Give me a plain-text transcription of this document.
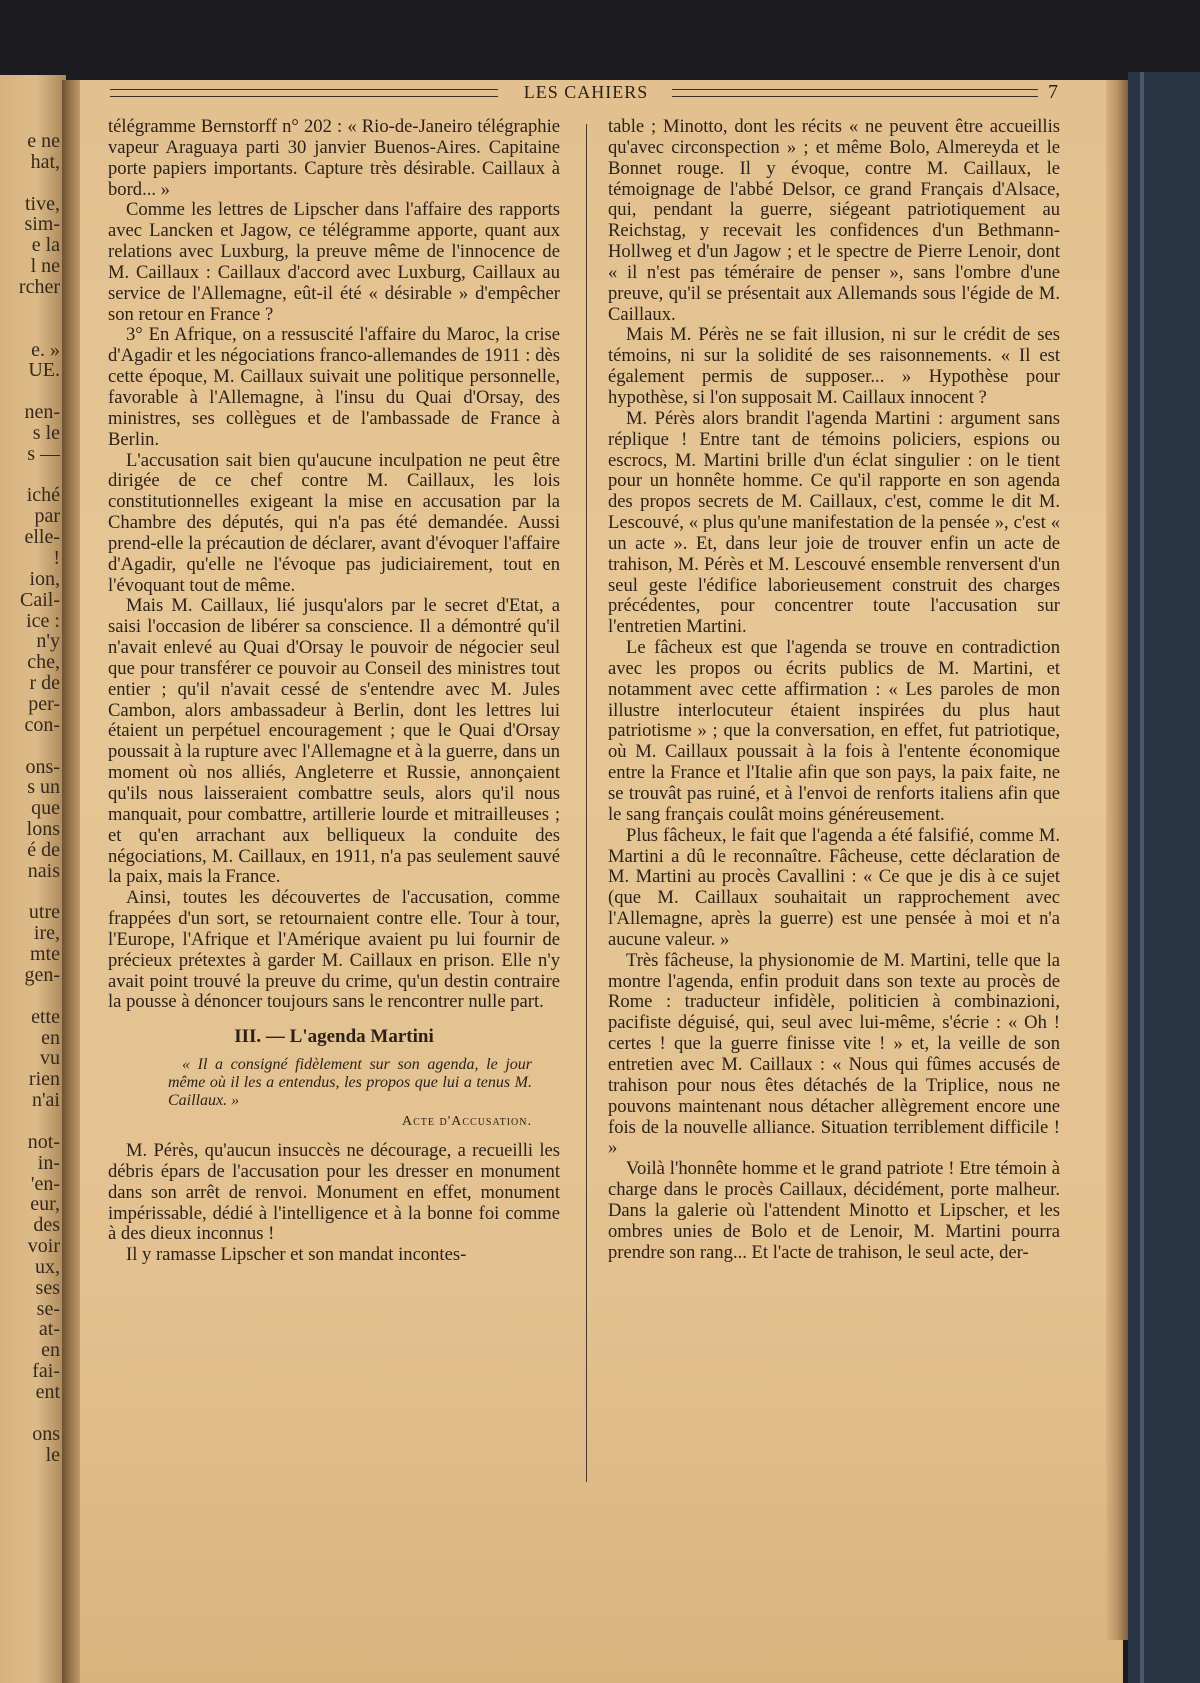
e ne
hat,
tive,
sim-
e la
l ne
rcher
e. »
UE.
nen-
s le
s —
iché
par
elle-
!
ion,
Cail-
ice :
n'y
che,
r de
per-
con-
ons-
s un
que
lons
é de
nais
utre
ire,
mte
gen-
ette
en
vu
rien
n'ai
not-
in-
'en-
eur,
des
voir
ux,
ses
se-
at-
en
fai-
ent
ons
le
LES CAHIERS	7

télégramme Bernstorff n° 202 : « Rio-de-Janeiro télégraphie vapeur Araguaya parti 30 janvier Buenos-Aires. Capitaine porte papiers importants. Capture très désirable. Caillaux à bord... »

Comme les lettres de Lipscher dans l'affaire des rapports avec Lancken et Jagow, ce télégramme apporte, quant aux relations avec Luxburg, la preuve même de l'innocence de M. Caillaux : Caillaux d'accord avec Luxburg, Caillaux au service de l'Allemagne, eût-il été « désirable » d'empêcher son retour en France ?

3° En Afrique, on a ressuscité l'affaire du Maroc, la crise d'Agadir et les négociations franco-allemandes de 1911 : dès cette époque, M. Caillaux suivait une politique personnelle, favorable à l'Allemagne, à l'insu du Quai d'Orsay, des ministres, ses collègues et de l'ambassade de France à Berlin.

L'accusation sait bien qu'aucune inculpation ne peut être dirigée de ce chef contre M. Caillaux, les lois constitutionnelles exigeant la mise en accusation par la Chambre des députés, qui n'a pas été demandée. Aussi prend-elle la précaution de déclarer, avant d'évoquer l'affaire d'Agadir, qu'elle ne l'évoque pas judiciairement, tout en l'évoquant tout de même.

Mais M. Caillaux, lié jusqu'alors par le secret d'Etat, a saisi l'occasion de libérer sa conscience. Il a démontré qu'il n'avait enlevé au Quai d'Orsay le pouvoir de négocier seul que pour transférer ce pouvoir au Conseil des ministres tout entier ; qu'il n'avait cessé de s'entendre avec M. Jules Cambon, alors ambassadeur à Berlin, dont les lettres lui étaient un perpétuel encouragement ; que le Quai d'Orsay poussait à la rupture avec l'Allemagne et à la guerre, dans un moment où nos alliés, Angleterre et Russie, annonçaient qu'ils nous laisseraient combattre seuls, alors qu'il nous manquait, pour combattre, artillerie lourde et mitrailleuses ; et qu'en arrachant aux belliqueux la conduite des négociations, M. Caillaux, en 1911, n'a pas seulement sauvé la paix, mais la France.

Ainsi, toutes les découvertes de l'accusation, comme frappées d'un sort, se retournaient contre elle. Tour à tour, l'Europe, l'Afrique et l'Amérique avaient pu lui fournir de précieux prétextes à garder M. Caillaux en prison. Elle n'y avait point trouvé la preuve du crime, qu'un destin contraire la pousse à dénoncer toujours sans le rencontrer nulle part.

III. — L'agenda Martini
« Il a consigné fidèlement sur son agenda, le jour même où il les a entendus, les propos que lui a tenus M. Caillaux. »
Acte d'Accusation.

M. Pérès, qu'aucun insuccès ne décourage, a recueilli les débris épars de l'accusation pour les dresser en monument dans son arrêt de renvoi. Monument en effet, monument impérissable, dédié à l'intelligence et à la bonne foi comme à des dieux inconnus !

Il y ramasse Lipscher et son mandat incontes-

table ; Minotto, dont les récits « ne peuvent être accueillis qu'avec circonspection » ; et même Bolo, Almereyda et le Bonnet rouge. Il y évoque, contre M. Caillaux, le témoignage de l'abbé Delsor, ce grand Français d'Alsace, qui, pendant la guerre, siégeant patriotiquement au Reichstag, y recevait les confidences d'un Bethmann-Hollweg et d'un Jagow ; et le spectre de Pierre Lenoir, dont « il n'est pas téméraire de penser », sans l'ombre d'une preuve, qu'il se présentait aux Allemands sous l'égide de M. Caillaux.

Mais M. Pérès ne se fait illusion, ni sur le crédit de ses témoins, ni sur la solidité de ses raisonnements. « Il est également permis de supposer... » Hypothèse pour hypothèse, si l'on supposait M. Caillaux innocent ?

M. Pérès alors brandit l'agenda Martini : argument sans réplique ! Entre tant de témoins policiers, espions ou escrocs, M. Martini brille d'un éclat singulier : on le tient pour un honnête homme. Ce qu'il rapporte en son agenda des propos secrets de M. Caillaux, c'est, comme le dit M. Lescouvé, « plus qu'une manifestation de la pensée », c'est « un acte ». Et, dans leur joie de trouver enfin un acte de trahison, M. Pérès et M. Lescouvé ensemble renversent d'un seul geste l'édifice laborieusement construit des charges précédentes, pour concentrer toute l'accusation sur l'entretien Martini.

Le fâcheux est que l'agenda se trouve en contradiction avec les propos ou écrits publics de M. Martini, et notamment avec cette affirmation : « Les paroles de mon illustre interlocuteur étaient inspirées du plus haut patriotisme » ; que la conversation, en effet, fut patriotique, où M. Caillaux poussait à la fois à l'entente économique entre la France et l'Italie afin que son pays, la paix faite, ne se trouvât pas ruiné, et à l'envoi de renforts italiens afin que le sang français coulât moins généreusement.

Plus fâcheux, le fait que l'agenda a été falsifié, comme M. Martini a dû le reconnaître. Fâcheuse, cette déclaration de M. Martini au procès Cavallini : « Ce que je dis à ce sujet (que M. Caillaux souhaitait un rapprochement avec l'Allemagne, après la guerre) est une pensée à moi et n'a aucune valeur. »

Très fâcheuse, la physionomie de M. Martini, telle que la montre l'agenda, enfin produit dans son texte au procès de Rome : traducteur infidèle, politicien à combinazioni, pacifiste déguisé, qui, seul avec lui-même, s'écrie : « Oh ! certes ! que la guerre finisse vite ! » et, la veille de son entretien avec M. Caillaux : « Nous qui fûmes accusés de trahison pour nous êtes détachés de la Triplice, nous ne pouvons maintenant nous détacher allègrement encore une fois de la nouvelle alliance. Situation terriblement difficile ! »

Voilà l'honnête homme et le grand patriote ! Etre témoin à charge dans le procès Caillaux, décidément, porte malheur. Dans la galerie où l'attendent Minotto et Lipscher, et les ombres unies de Bolo et de Lenoir, M. Martini pourra prendre son rang... Et l'acte de trahison, le seul acte, der-
